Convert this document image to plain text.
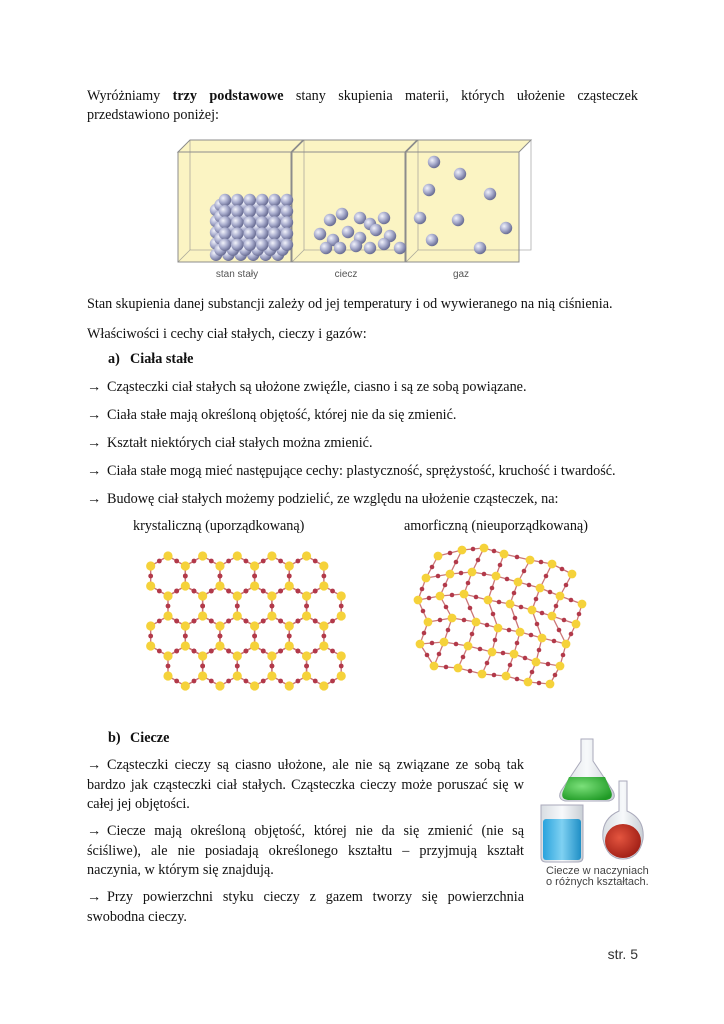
Wyróżniamy trzy podstawowe stany skupienia materii, których ułożenie cząsteczek przedstawiono poniżej:

stan stały	ciecz	gaz

Stan skupienia danej substancji zależy od jej temperatury i od wywieranego na nią ciśnienia.

Właściwości i cechy ciał stałych, cieczy i gazów:

a) Ciała stałe

→ Cząsteczki ciał stałych są ułożone zwięźle, ciasno i są ze sobą powiązane.

→ Ciała stałe mają określoną objętość, której nie da się zmienić.

→ Kształt niektórych ciał stałych można zmienić.

→ Ciała stałe mogą mieć następujące cechy: plastyczność, sprężystość, kruchość i twardość.

→ Budowę ciał stałych możemy podzielić, ze względu na ułożenie cząsteczek, na:

krystaliczną (uporządkowaną)	amorficzną (nieuporządkowaną)

b) Ciecze

→ Cząsteczki cieczy są ciasno ułożone, ale nie są związane ze sobą tak bardzo jak cząsteczki ciał stałych. Cząsteczka cieczy może poruszać się w całej jej objętości.

→ Ciecze mają określoną objętość, której nie da się zmienić (nie są ściśliwe), ale nie posiadają określonego kształtu – przyjmują kształt naczynia, w którym się znajdują.

→ Przy powierzchni styku cieczy z gazem tworzy się powierzchnia swobodna cieczy.

Ciecze w naczyniach
o różnych kształtach.
str. 5
